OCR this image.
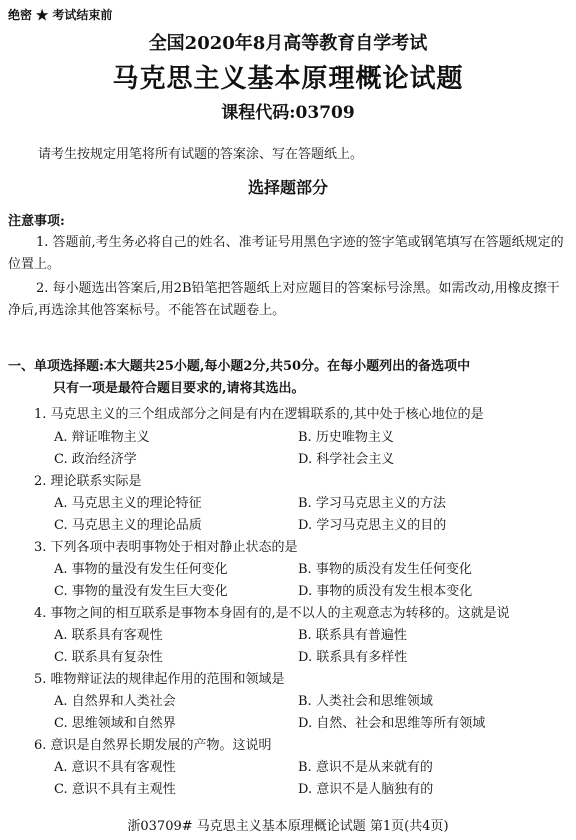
绝密 ★ 考试结束前
全国2020年8月高等教育自学考试
马克思主义基本原理概论试题
课程代码:03709
请考生按规定用笔将所有试题的答案涂、写在答题纸上。
选择题部分
注意事项:
1. 答题前,考生务必将自己的姓名、准考证号用黑色字迹的签字笔或钢笔填写在答题纸规定的位置上。
2. 每小题选出答案后,用2B铅笔把答题纸上对应题目的答案标号涂黑。如需改动,用橡皮擦干净后,再选涂其他答案标号。不能答在试题卷上。
一、单项选择题:本大题共25小题,每小题2分,共50分。在每小题列出的备选项中
只有一项是最符合题目要求的,请将其选出。
1. 马克思主义的三个组成部分之间是有内在逻辑联系的,其中处于核心地位的是
A. 辩证唯物主义	B. 历史唯物主义
C. 政治经济学	D. 科学社会主义
2. 理论联系实际是
A. 马克思主义的理论特征	B. 学习马克思主义的方法
C. 马克思主义的理论品质	D. 学习马克思主义的目的
3. 下列各项中表明事物处于相对静止状态的是
A. 事物的量没有发生任何变化	B. 事物的质没有发生任何变化
C. 事物的量没有发生巨大变化	D. 事物的质没有发生根本变化
4. 事物之间的相互联系是事物本身固有的,是不以人的主观意志为转移的。这就是说
A. 联系具有客观性	B. 联系具有普遍性
C. 联系具有复杂性	D. 联系具有多样性
5. 唯物辩证法的规律起作用的范围和领域是
A. 自然界和人类社会	B. 人类社会和思维领域
C. 思维领域和自然界	D. 自然、社会和思维等所有领域
6. 意识是自然界长期发展的产物。这说明
A. 意识不具有客观性	B. 意识不是从来就有的
C. 意识不具有主观性	D. 意识不是人脑独有的
浙03709# 马克思主义基本原理概论试题 第1页(共4页)
